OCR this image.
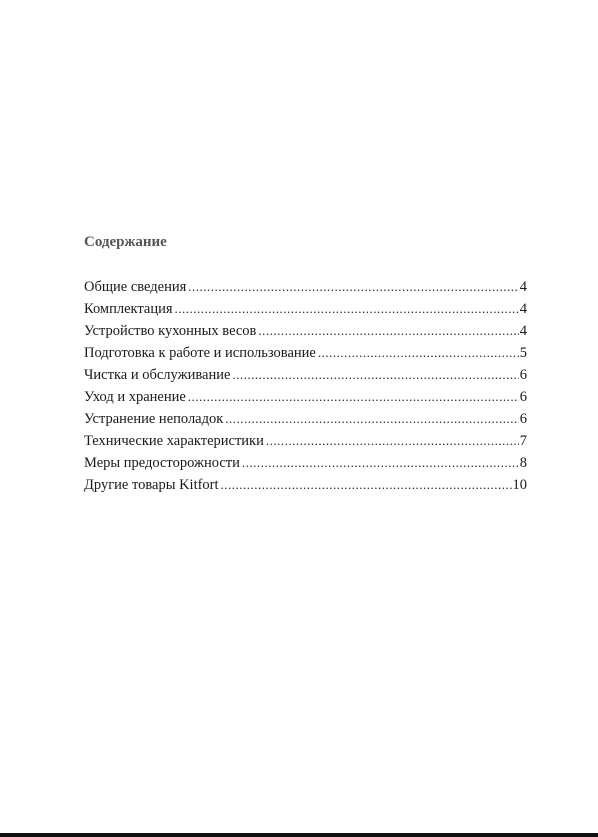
Содержание
Общие сведения .....	4
Комплектация .....	4
Устройство кухонных весов .....	4
Подготовка к работе и использование .....	5
Чистка и обслуживание .....	6
Уход и хранение .....	6
Устранение неполадок .....	6
Технические характеристики .....	7
Меры предосторожности .....	8
Другие товары Kitfort .....	10
